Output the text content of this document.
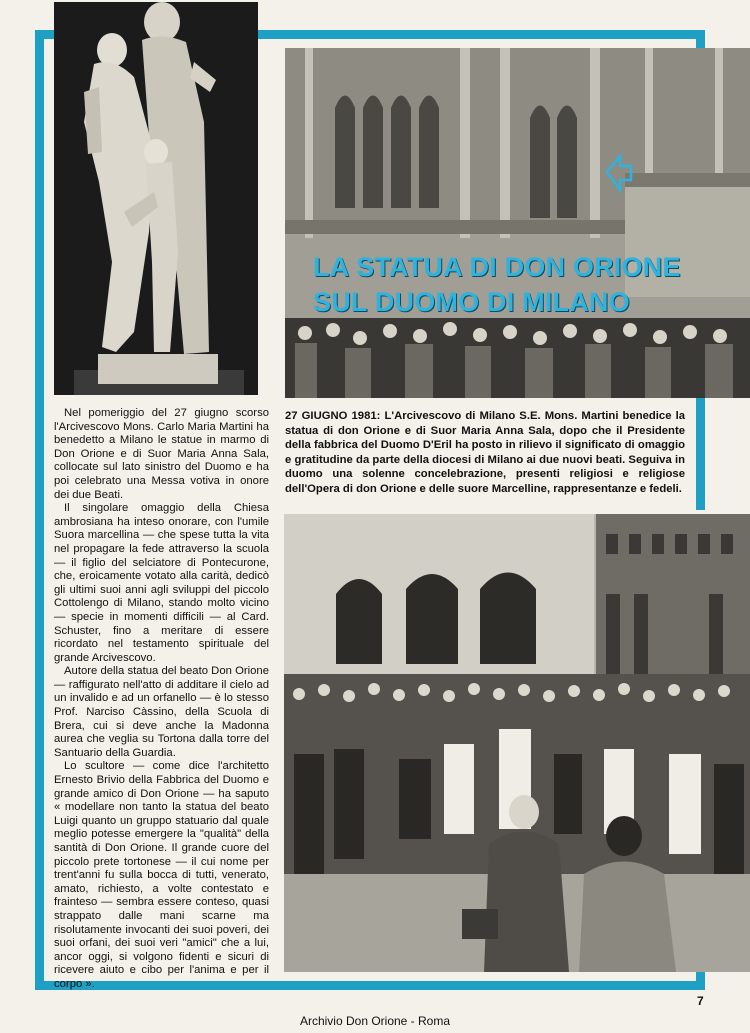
LA STATUA DI DON ORIONE
SUL DUOMO DI MILANO

Nel pomeriggio del 27 giugno scorso l'Arcivescovo Mons. Carlo Maria Martini ha benedetto a Milano le statue in marmo di Don Orione e di Suor Maria Anna Sala, collocate sul lato sinistro del Duomo e ha poi celebrato una Messa votiva in onore dei due Beati.

Il singolare omaggio della Chiesa ambrosiana ha inteso onorare, con l'umile Suora marcellina — che spese tutta la vita nel propagare la fede attraverso la scuola — il figlio del selciatore di Pontecurone, che, eroicamente votato alla carità, dedicò gli ultimi suoi anni agli sviluppi del piccolo Cottolengo di Milano, stando molto vicino — specie in momenti difficili — al Card. Schuster, fino a meritare di essere ricordato nel testamento spirituale del grande Arcivescovo.

Autore della statua del beato Don Orione — raffigurato nell'atto di additare il cielo ad un invalido e ad un orfanello — è lo stesso Prof. Narciso Càssino, della Scuola di Brera, cui si deve anche la Madonna aurea che veglia su Tortona dalla torre del Santuario della Guardia.

Lo scultore — come dice l'architetto Ernesto Brivio della Fabbrica del Duomo e grande amico di Don Orione — ha saputo « modellare non tanto la statua del beato Luigi quanto un gruppo statuario dal quale meglio potesse emergere la "qualità" della santità di Don Orione. Il grande cuore del piccolo prete tortonese — il cui nome per trent'anni fu sulla bocca di tutti, venerato, amato, richiesto, a volte contestato e frainteso — sembra essere conteso, quasi strappato dalle mani scarne ma risolutamente invocanti dei suoi poveri, dei suoi orfani, dei suoi veri "amici" che a lui, ancor oggi, si volgono fidenti e sicuri di ricevere aiuto e cibo per l'anima e per il corpo ».

27 GIUGNO 1981: L'Arcivescovo di Milano S.E. Mons. Martini benedice la statua di don Orione e di Suor Maria Anna Sala, dopo che il Presidente della fabbrica del Duomo D'Eril ha posto in rilievo il significato di omaggio e gratitudine da parte della diocesi di Milano ai due nuovi beati. Seguiva in duomo una solenne concelebrazione, presenti religiosi e religiose dell'Opera di don Orione e delle suore Marcelline, rappresentanze e fedeli.
7
Archivio Don Orione - Roma
